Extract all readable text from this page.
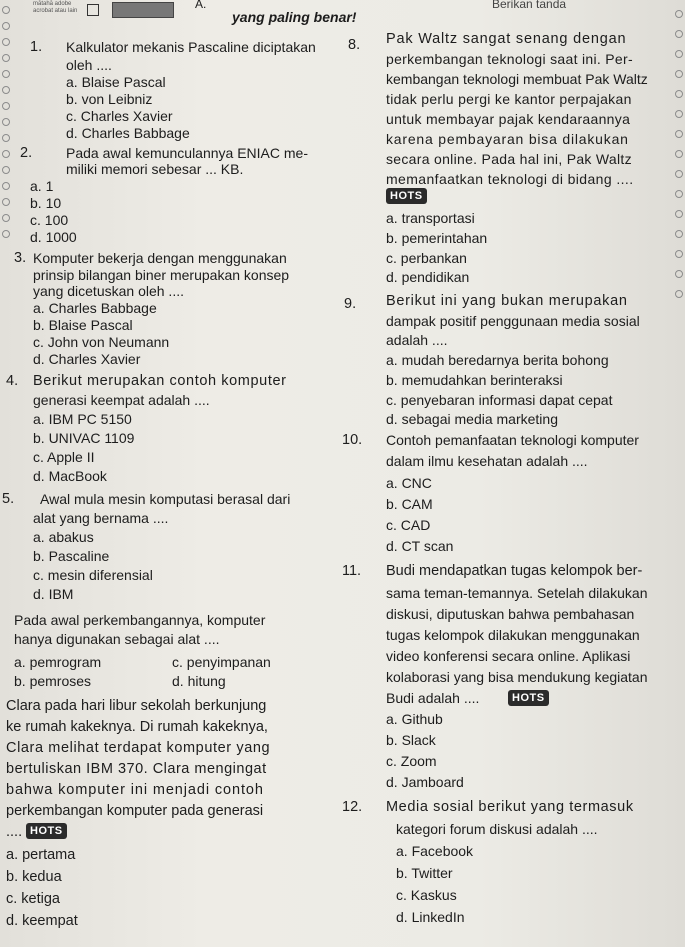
mātahā adobe
acrobat atau lain	A.	Berikan tanda
yang paling benar!
1. Kalkulator mekanis Pascaline diciptakan
oleh ....
a. Blaise Pascal
b. von Leibniz
c. Charles Xavier
d. Charles Babbage
2. Pada awal kemunculannya ENIAC me-
miliki memori sebesar ... KB.
a. 1
b. 10
c. 100
d. 1000
3. Komputer bekerja dengan menggunakan
prinsip bilangan biner merupakan konsep
yang dicetuskan oleh ....
a. Charles Babbage
b. Blaise Pascal
c. John von Neumann
d. Charles Xavier
4. Berikut merupakan contoh komputer
generasi keempat adalah ....
a. IBM PC 5150
b. UNIVAC 1109
c. Apple II
d. MacBook
5. Awal mula mesin komputasi berasal dari
alat yang bernama ....
a. abakus
b. Pascaline
c. mesin diferensial
d. IBM
Pada awal perkembangannya, komputer
hanya digunakan sebagai alat ....
a. pemrogram
b. pemroses
c. penyimpanan
d. hitung
Clara pada hari libur sekolah berkunjung
ke rumah kakeknya. Di rumah kakeknya,
Clara melihat terdapat komputer yang
bertuliskan IBM 370. Clara mengingat
bahwa komputer ini menjadi contoh
perkembangan komputer pada generasi
.... HOTS
a. pertama
b. kedua
c. ketiga
d. keempat
8. Pak Waltz sangat senang dengan
perkembangan teknologi saat ini. Per-
kembangan teknologi membuat Pak Waltz
tidak perlu pergi ke kantor perpajakan
untuk membayar pajak kendaraannya
karena pembayaran bisa dilakukan
secara online. Pada hal ini, Pak Waltz
memanfaatkan teknologi di bidang ....
HOTS
a. transportasi
b. pemerintahan
c. perbankan
d. pendidikan
9. Berikut ini yang bukan merupakan
dampak positif penggunaan media sosial
adalah ....
a. mudah beredarnya berita bohong
b. memudahkan berinteraksi
c. penyebaran informasi dapat cepat
d. sebagai media marketing
10. Contoh pemanfaatan teknologi komputer
dalam ilmu kesehatan adalah ....
a. CNC
b. CAM
c. CAD
d. CT scan
11. Budi mendapatkan tugas kelompok ber-
sama teman-temannya. Setelah dilakukan
diskusi, diputuskan bahwa pembahasan
tugas kelompok dilakukan menggunakan
video konferensi secara online. Aplikasi
kolaborasi yang bisa mendukung kegiatan
Budi adalah ....	HOTS
a. Github
b. Slack
c. Zoom
d. Jamboard
12. Media sosial berikut yang termasuk
kategori forum diskusi adalah ....
a. Facebook
b. Twitter
c. Kaskus
d. LinkedIn
